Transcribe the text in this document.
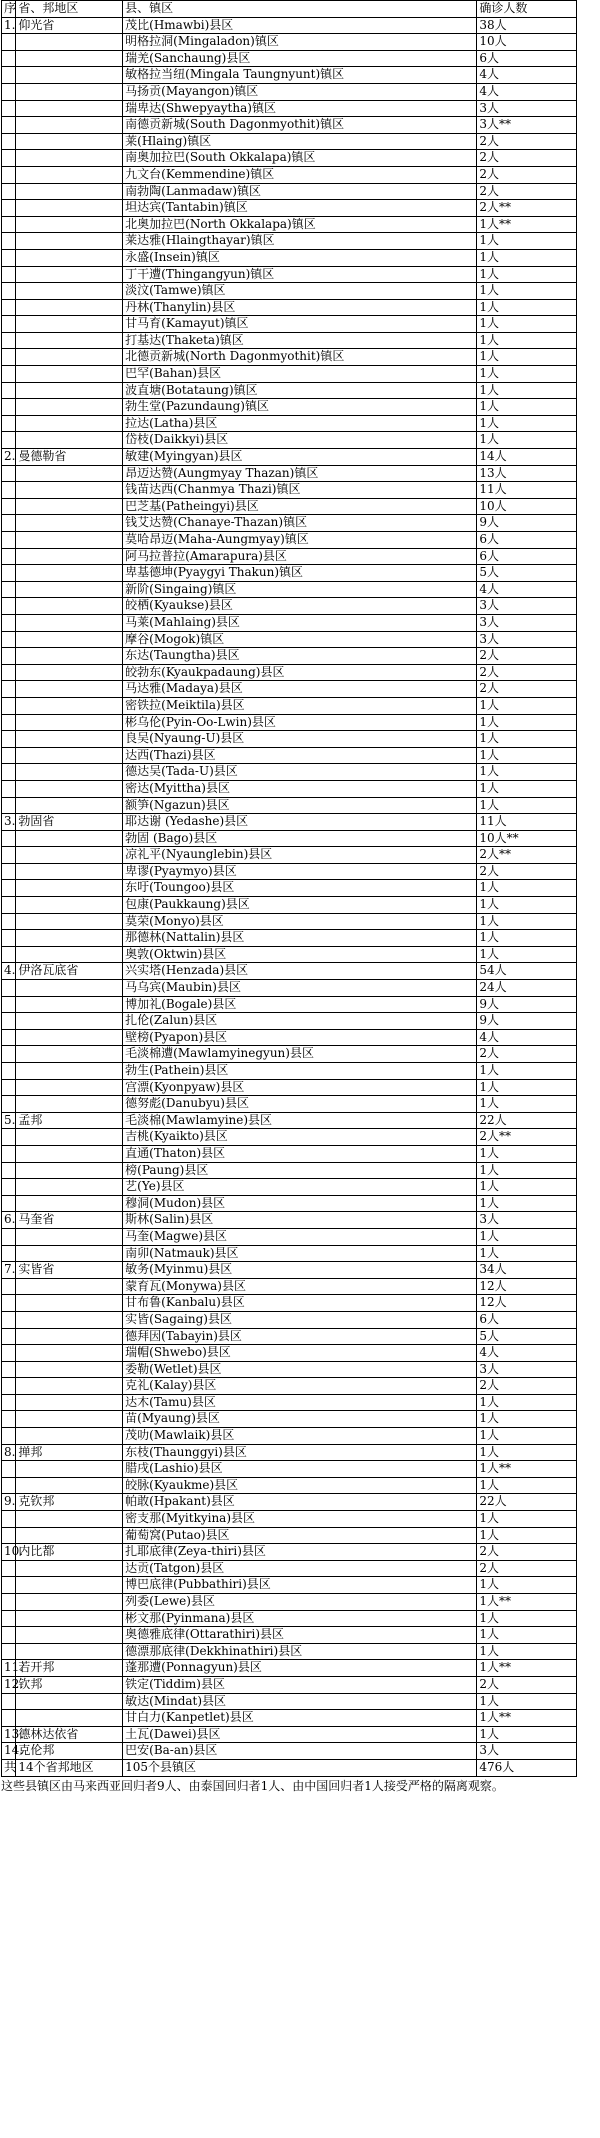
序	省、邦地区	县、镇区	确诊人数
1.	仰光省	茂比(Hmawbi)县区	38人
		明格拉洞(Mingaladon)镇区	10人
		瑞羌(Sanchaung)县区	6人
		敏格拉当纽(Mingala Taungnyunt)镇区	4人
		马扬贡(Mayangon)镇区	4人
		瑞卑达(Shwepyaytha)镇区	3人
		南德贡新城(South Dagonmyothit)镇区	3人**
		莱(Hlaing)镇区	2人
		南奥加拉巴(South Okkalapa)镇区	2人
		九文台(Kemmendine)镇区	2人
		南勃陶(Lanmadaw)镇区	2人
		坦达宾(Tantabin)镇区	2人**
		北奥加拉巴(North Okkalapa)镇区	1人**
		莱达雅(Hlaingthayar)镇区	1人
		永盛(Insein)镇区	1人
		丁干遭(Thingangyun)镇区	1人
		淡汶(Tamwe)镇区	1人
		丹林(Thanylin)县区	1人
		甘马育(Kamayut)镇区	1人
		打基达(Thaketa)镇区	1人
		北德贡新城(North Dagonmyothit)镇区	1人
		巴罕(Bahan)县区	1人
		波直塘(Botataung)镇区	1人
		勃生堂(Pazundaung)镇区	1人
		拉达(Latha)县区	1人
		岱枝(Daikkyi)县区	1人
2.	曼德勒省	敏建(Myingyan)县区	14人
		昂迈达赞(Aungmyay Thazan)镇区	13人
		钱苗达西(Chanmya Thazi)镇区	11人
		巴芝基(Patheingyi)县区	10人
		钱艾达赞(Chanaye-Thazan)镇区	9人
		莫哈昂迈(Maha-Aungmyay)镇区	6人
		阿马拉普拉(Amarapura)县区	6人
		卑基德坤(Pyaygyi Thakun)镇区	5人
		新阶(Singaing)镇区	4人
		皎栖(Kyaukse)县区	3人
		马莱(Mahlaing)县区	3人
		摩谷(Mogok)镇区	3人
		东达(Taungtha)县区	2人
		皎勃东(Kyaukpadaung)县区	2人
		马达雅(Madaya)县区	2人
		密铁拉(Meiktila)县区	1人
		彬乌伦(Pyin-Oo-Lwin)县区	1人
		良吴(Nyaung-U)县区	1人
		达西(Thazi)县区	1人
		德达吴(Tada-U)县区	1人
		密达(Myittha)县区	1人
		额笋(Ngazun)县区	1人
3.	勃固省	耶达谢 (Yedashe)县区	11人
		勃固 (Bago)县区	10人**
		凉礼平(Nyaunglebin)县区	2人**
		卑谬(Pyaymyo)县区	2人
		东吁(Toungoo)县区	1人
		包康(Paukkaung)县区	1人
		莫荣(Monyo)县区	1人
		那德林(Nattalin)县区	1人
		奥敦(Oktwin)县区	1人
4.	伊洛瓦底省	兴实塔(Henzada)县区	54人
		马乌宾(Maubin)县区	24人
		博加礼(Bogale)县区	9人
		扎伦(Zalun)县区	9人
		壁榜(Pyapon)县区	4人
		毛淡棉遭(Mawlamyinegyun)县区	2人
		勃生(Pathein)县区	1人
		宫漂(Kyonpyaw)县区	1人
		德努彪(Danubyu)县区	1人
5.	孟邦	毛淡棉(Mawlamyine)县区	22人
		吉桃(Kyaikto)县区	2人**
		直通(Thaton)县区	1人
		榜(Paung)县区	1人
		艺(Ye)县区	1人
		穆洞(Mudon)县区	1人
6.	马奎省	斯林(Salin)县区	3人
		马奎(Magwe)县区	1人
		南卯(Natmauk)县区	1人
7.	实皆省	敏务(Myinmu)县区	34人
		蒙育瓦(Monywa)县区	12人
		甘布鲁(Kanbalu)县区	12人
		实皆(Sagaing)县区	6人
		德拜因(Tabayin)县区	5人
		瑞帽(Shwebo)县区	4人
		委勒(Wetlet)县区	3人
		克礼(Kalay)县区	2人
		达木(Tamu)县区	1人
		苗(Myaung)县区	1人
		茂叻(Mawlaik)县区	1人
8.	掸邦	东枝(Thaunggyi)县区	1人
		腊戌(Lashio)县区	1人**
		皎脉(Kyaukme)县区	1人
9.	克钦邦	帕敢(Hpakant)县区	22人
		密支那(Myitkyina)县区	1人
		葡萄窝(Putao)县区	1人
10.	内比都	扎耶底律(Zeya-thiri)县区	2人
		达贡(Tatgon)县区	2人
		博巴底律(Pubbathiri)县区	1人
		列委(Lewe)县区	1人**
		彬文那(Pyinmana)县区	1人
		奥德雅底律(Ottarathiri)县区	1人
		德漂那底律(Dekkhinathiri)县区	1人
11.	若开邦	蓬那遭(Ponnagyun)县区	1人**
12.	钦邦	铁定(Tiddim)县区	2人
		敏达(Mindat)县区	1人
		甘白力(Kanpetlet)县区	1人**
13.	德林达依省	土瓦(Dawei)县区	1人
14.	克伦邦	巴安(Ba-an)县区	3人
共	14个省邦地区	105个县镇区	476人
这些县镇区由马来西亚回归者9人、由泰国回归者1人、由中国回归者1人接受严格的隔离观察。
